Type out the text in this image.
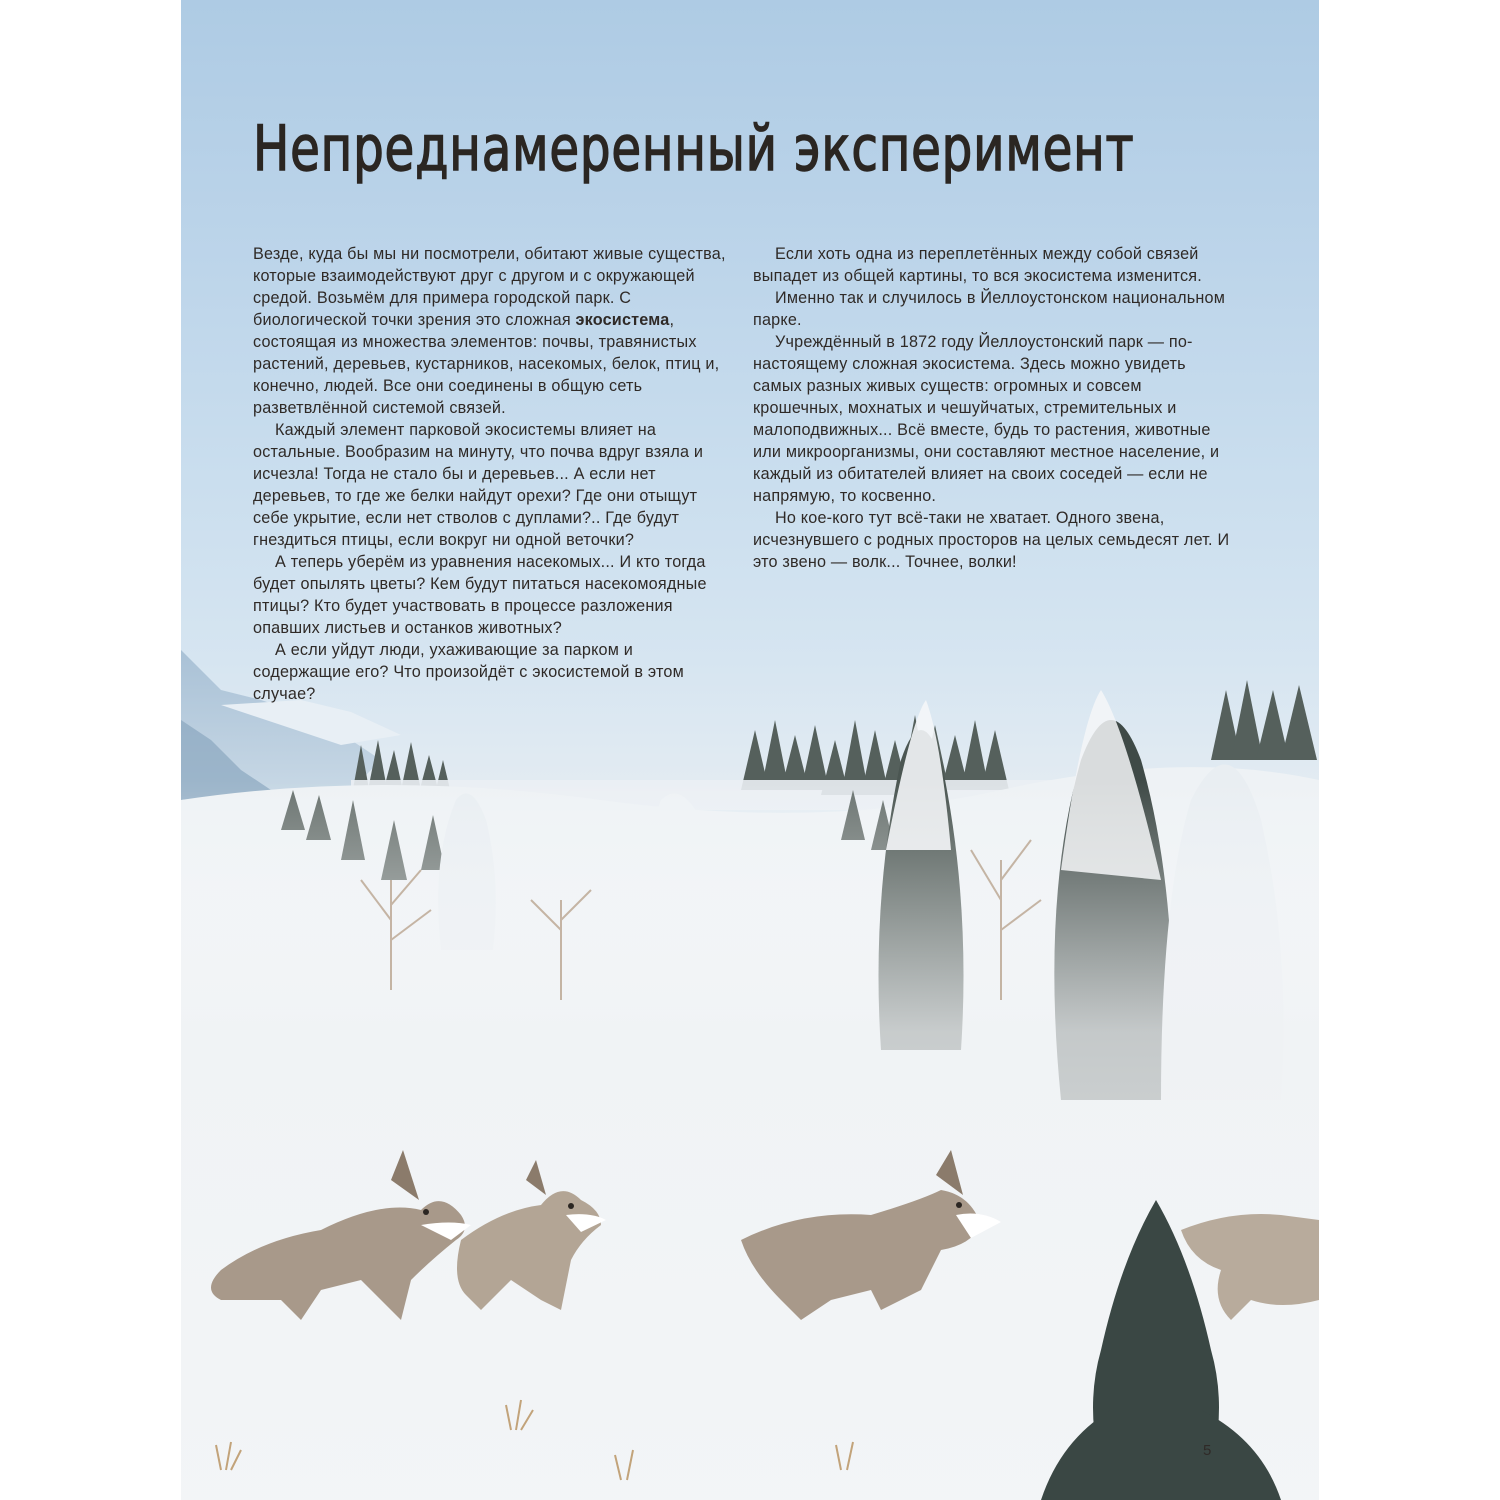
Непреднамеренный эксперимент

Везде, куда бы мы ни посмотрели, обитают живые существа, которые взаимодействуют друг с другом и с окружающей средой. Возьмём для примера городской парк. С биологической точки зрения это сложная экосистема, состоящая из множества элементов: почвы, травянистых растений, деревьев, кустарников, насекомых, белок, птиц и, конечно, людей. Все они соединены в общую сеть разветвлённой системой связей.

Каждый элемент парковой экосистемы влияет на остальные. Вообразим на минуту, что почва вдруг взяла и исчезла! Тогда не стало бы и деревьев... А если нет деревьев, то где же белки найдут орехи? Где они отыщут себе укрытие, если нет стволов с дуплами?.. Где будут гнездиться птицы, если вокруг ни одной веточки?

А теперь уберём из уравнения насекомых... И кто тогда будет опылять цветы? Кем будут питаться насекомоядные птицы? Кто будет участвовать в процессе разложения опавших листьев и останков животных?

А если уйдут люди, ухаживающие за парком и содержащие его? Что произойдёт с экосистемой в этом случае?

Если хоть одна из переплетённых между собой связей выпадет из общей картины, то вся экосистема изменится.

Именно так и случилось в Йеллоустонском национальном парке.

Учреждённый в 1872 году Йеллоустонский парк — по-настоящему сложная экосистема. Здесь можно увидеть самых разных живых существ: огромных и совсем крошечных, мохнатых и чешуйчатых, стремительных и малоподвижных... Всё вместе, будь то растения, животные или микроорганизмы, они составляют местное население, и каждый из обитателей влияет на своих соседей — если не напрямую, то косвенно.

Но кое-кого тут всё-таки не хватает. Одного звена, исчезнувшего с родных просторов на целых семьдесят лет. И это звено — волк... Точнее, волки!

5
